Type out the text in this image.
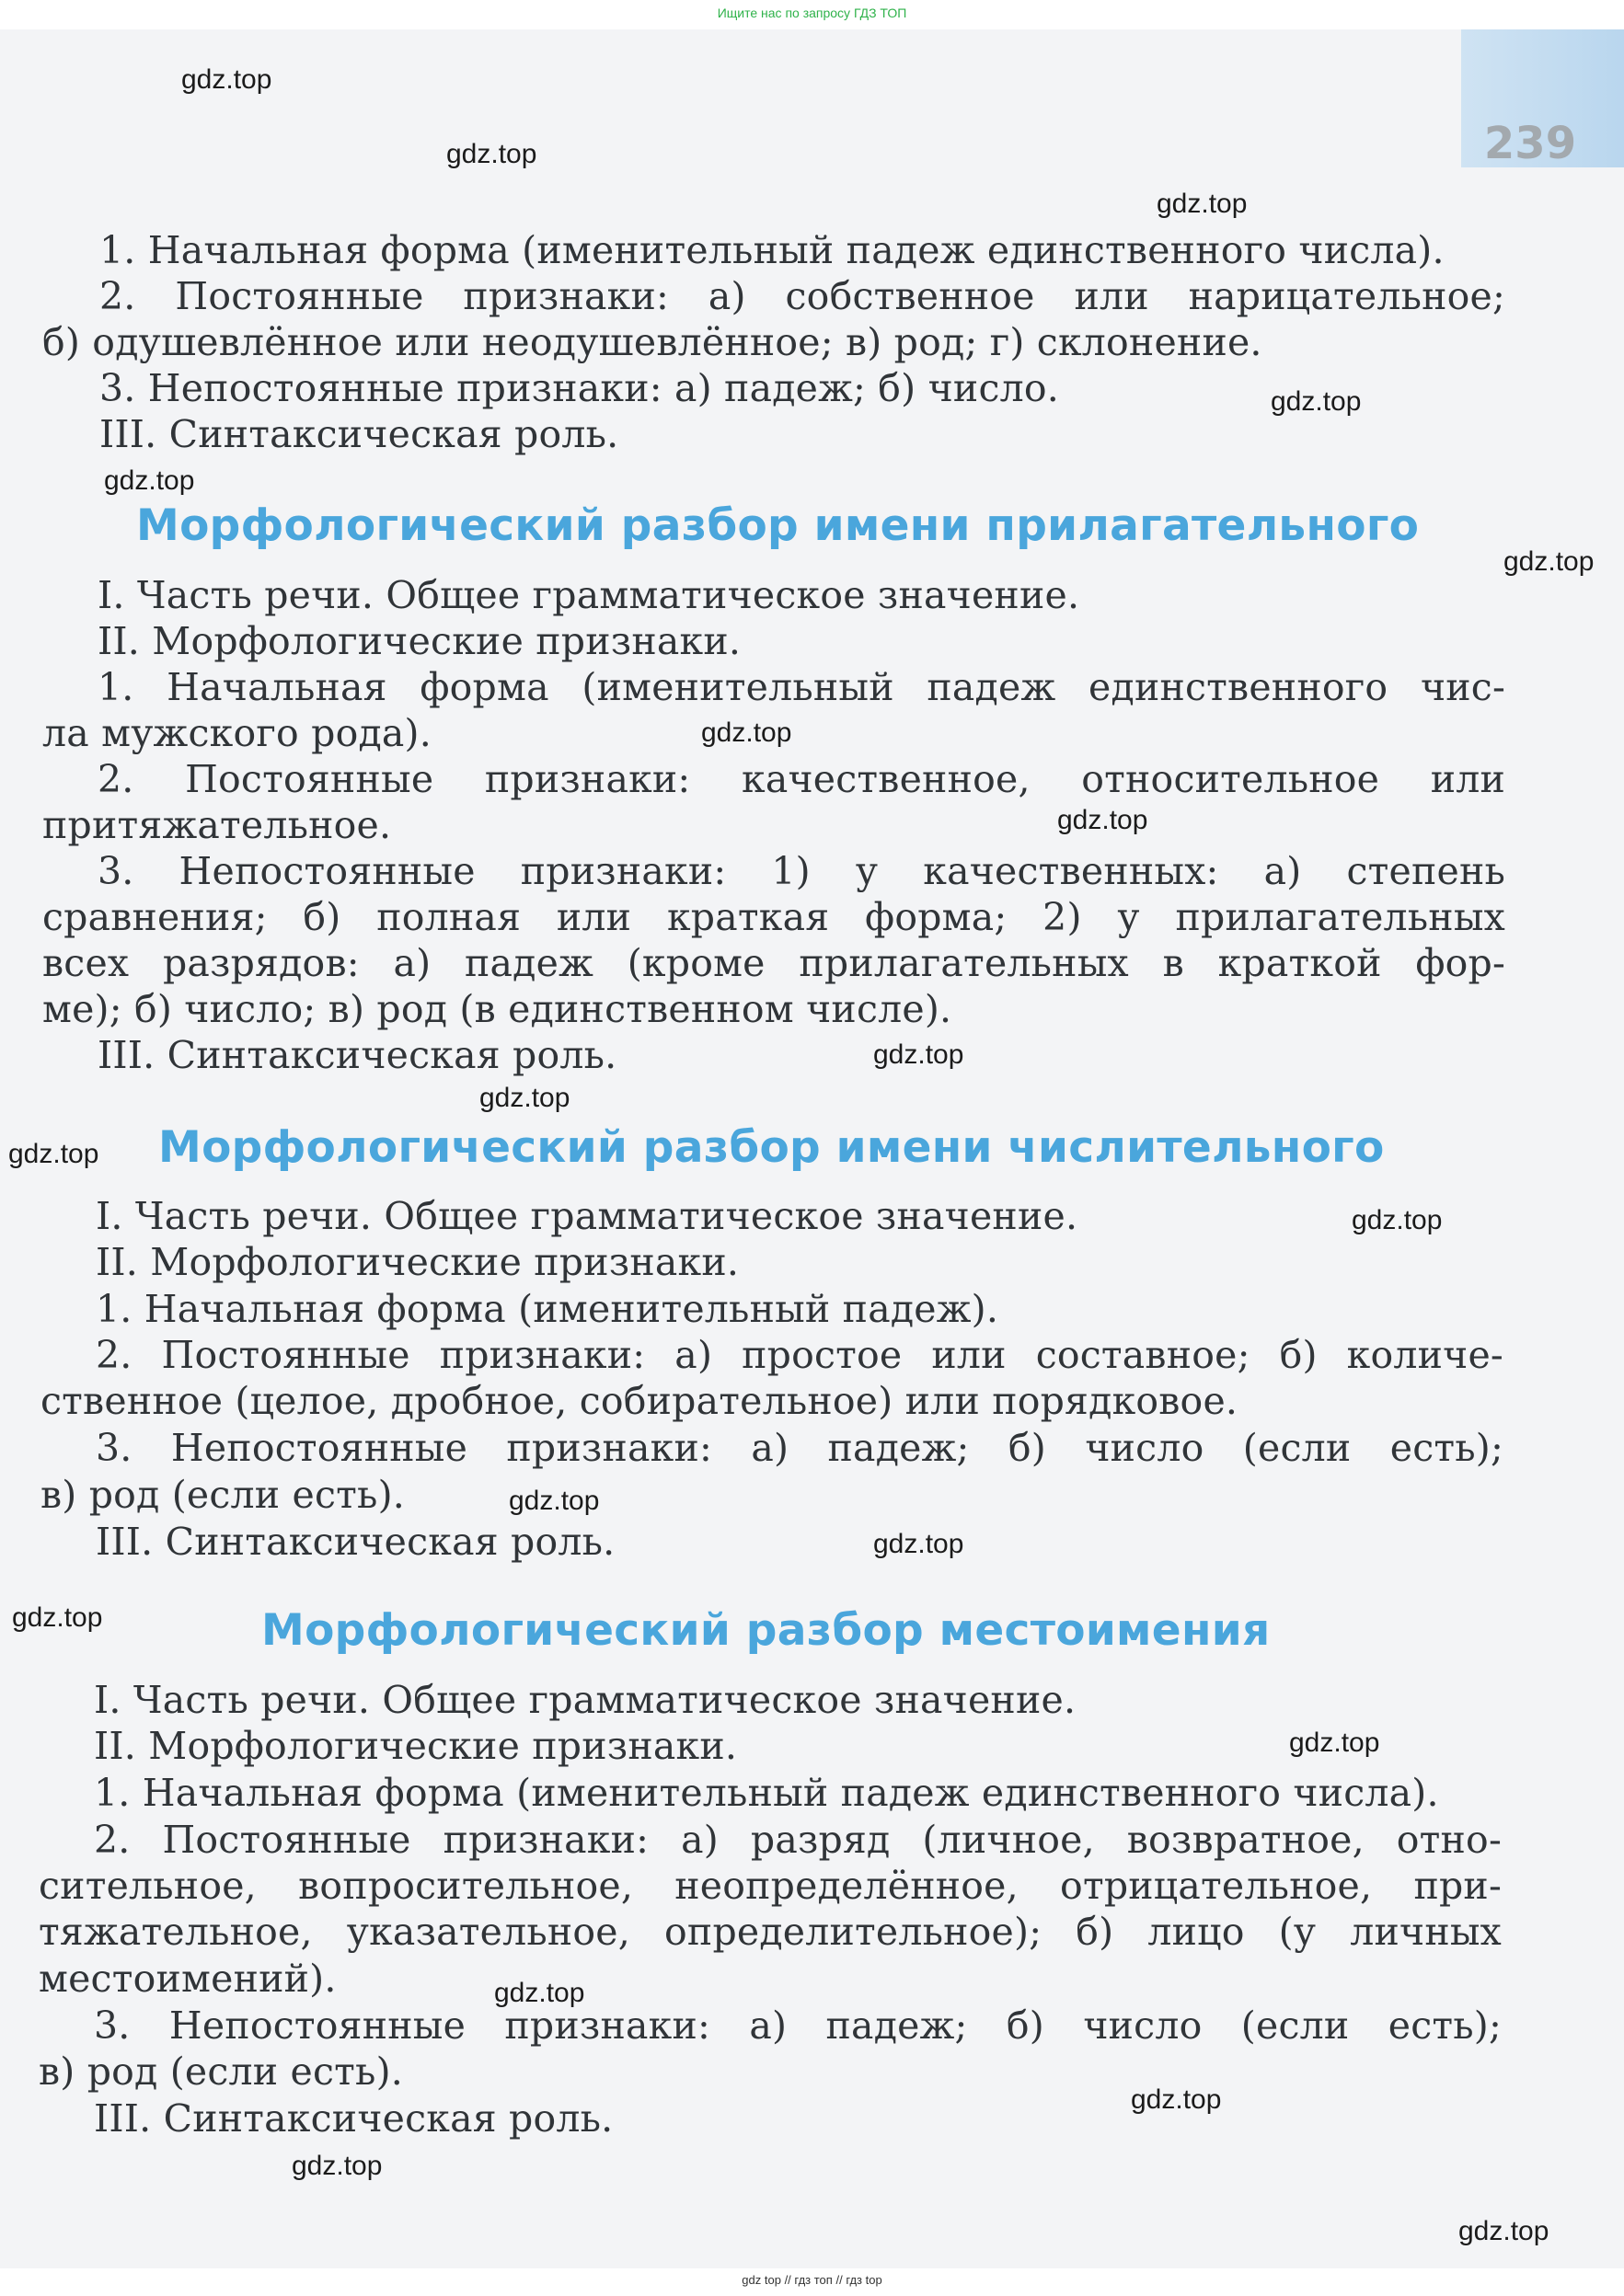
Ищите нас по запросу ГДЗ ТОП
239
1. Начальная форма (именительный падеж единственного числа).
2. Постоянные признаки: а) собственное или нарицательное;
б) одушевлённое или неодушевлённое; в) род; г) склонение.
3. Непостоянные признаки: а) падеж; б) число.
III. Синтаксическая роль.
Морфологический разбор имени прилагательного
I. Часть речи. Общее грамматическое значение.
II. Морфологические признаки.
1. Начальная форма (именительный падеж единственного чис-
ла мужского рода).
2. Постоянные признаки: качественное, относительное или
притяжательное.
3. Непостоянные признаки: 1) у качественных: а) степень
сравнения; б) полная или краткая форма; 2) у прилагательных
всех разрядов: а) падеж (кроме прилагательных в краткой фор-
ме); б) число; в) род (в единственном числе).
III. Синтаксическая роль.
Морфологический разбор имени числительного
I. Часть речи. Общее грамматическое значение.
II. Морфологические признаки.
1. Начальная форма (именительный падеж).
2. Постоянные признаки: а) простое или составное; б) количе-
ственное (целое, дробное, собирательное) или порядковое.
3. Непостоянные признаки: а) падеж; б) число (если есть);
в) род (если есть).
III. Синтаксическая роль.
Морфологический разбор местоимения
I. Часть речи. Общее грамматическое значение.
II. Морфологические признаки.
1. Начальная форма (именительный падеж единственного числа).
2. Постоянные признаки: а) разряд (личное, возвратное, отно-
сительное, вопросительное, неопределённое, отрицательное, при-
тяжательное, указательное, определительное); б) лицо (у личных
местоимений).
3. Непостоянные признаки: а) падеж; б) число (если есть);
в) род (если есть).
III. Синтаксическая роль.
gdz.top
gdz.top
gdz.top
gdz.top
gdz.top
gdz.top
gdz.top
gdz.top
gdz.top
gdz.top
gdz.top
gdz.top
gdz.top
gdz.top
gdz.top
gdz.top
gdz.top
gdz.top
gdz.top
gdz.top
gdz top // гдз топ // гдз top
